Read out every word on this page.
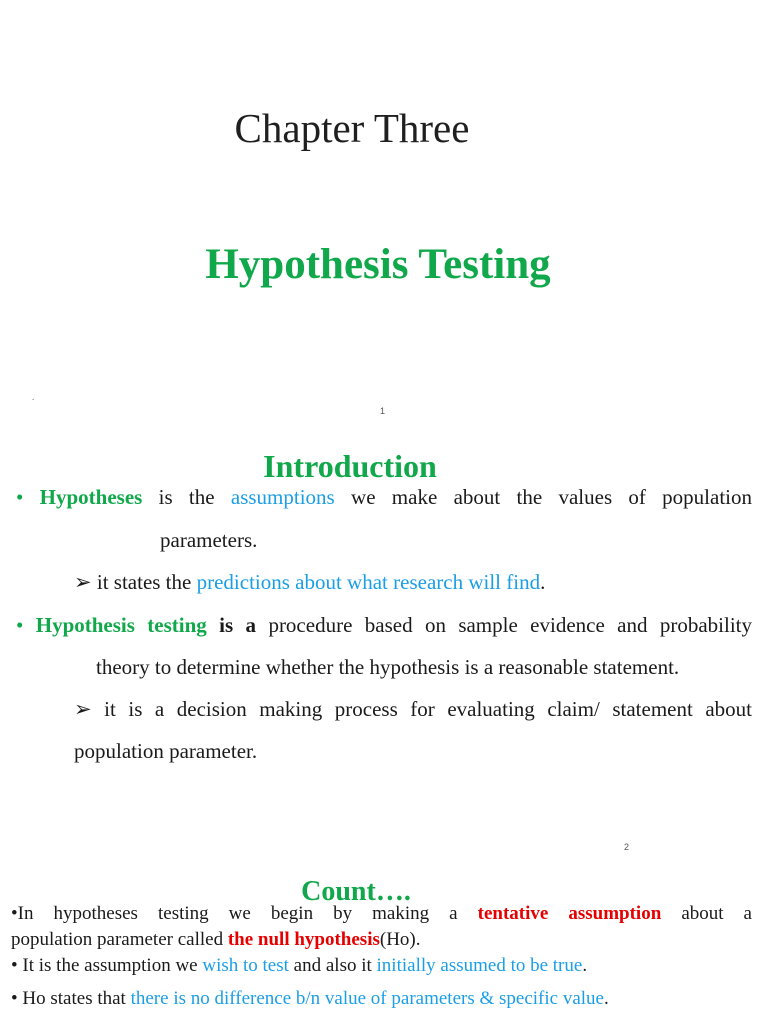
Chapter Three
Hypothesis Testing
.
1
Introduction
• Hypotheses is the assumptions we make about the values of population
parameters.
➢ it states the predictions about what research will find.
• Hypothesis testing is a procedure based on sample evidence and probability
theory to determine whether the hypothesis is a reasonable statement.
➢ it is a decision making process for evaluating claim/ statement about
population parameter.
2
Count….
•In hypotheses testing we begin by making a tentative assumption about a
population parameter called the null hypothesis(Ho).
• It is the assumption we wish to test and also it initially assumed to be true.
• Ho states that there is no difference b/n value of parameters & specific value.
